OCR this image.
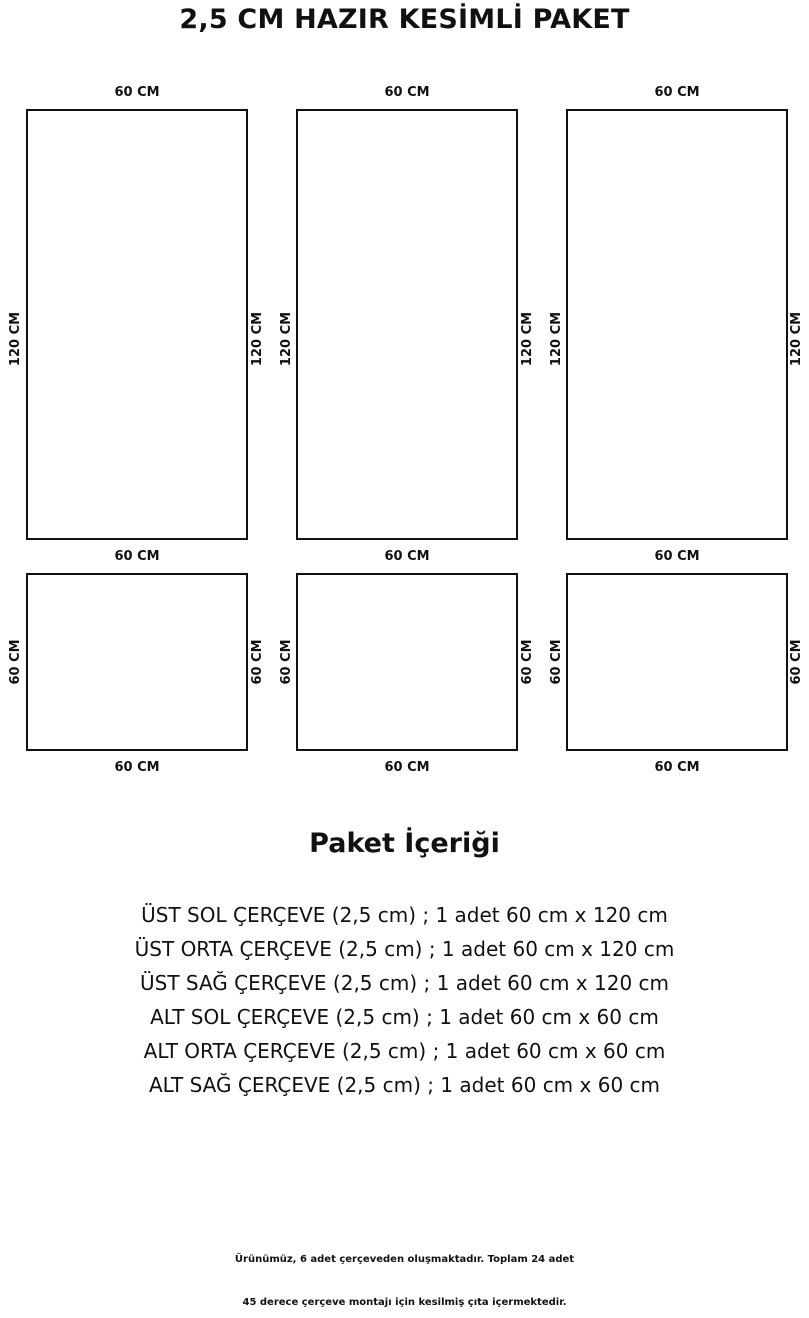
2,5 CM HAZIR KESİMLİ PAKET
60 CM	60 CM	60 CM
60 CM	60 CM	60 CM
120 CM	120 CM 120 CM	120 CM 120 CM	120 CM
60 CM	60 CM	60 CM
60 CM	60 CM 60 CM	60 CM 60 CM	60 CM
Paket İçeriği
ÜST SOL ÇERÇEVE (2,5 cm) ; 1 adet 60 cm x 120 cm
ÜST ORTA ÇERÇEVE (2,5 cm) ; 1 adet 60 cm x 120 cm
ÜST SAĞ ÇERÇEVE (2,5 cm) ; 1 adet 60 cm x 120 cm
ALT SOL ÇERÇEVE (2,5 cm) ; 1 adet 60 cm x 60 cm
ALT ORTA ÇERÇEVE (2,5 cm) ; 1 adet 60 cm x 60 cm
ALT SAĞ ÇERÇEVE (2,5 cm) ; 1 adet 60 cm x 60 cm
Ürünümüz, 6 adet çerçeveden oluşmaktadır. Toplam 24 adet
45 derece çerçeve montajı için kesilmiş çıta içermektedir.
